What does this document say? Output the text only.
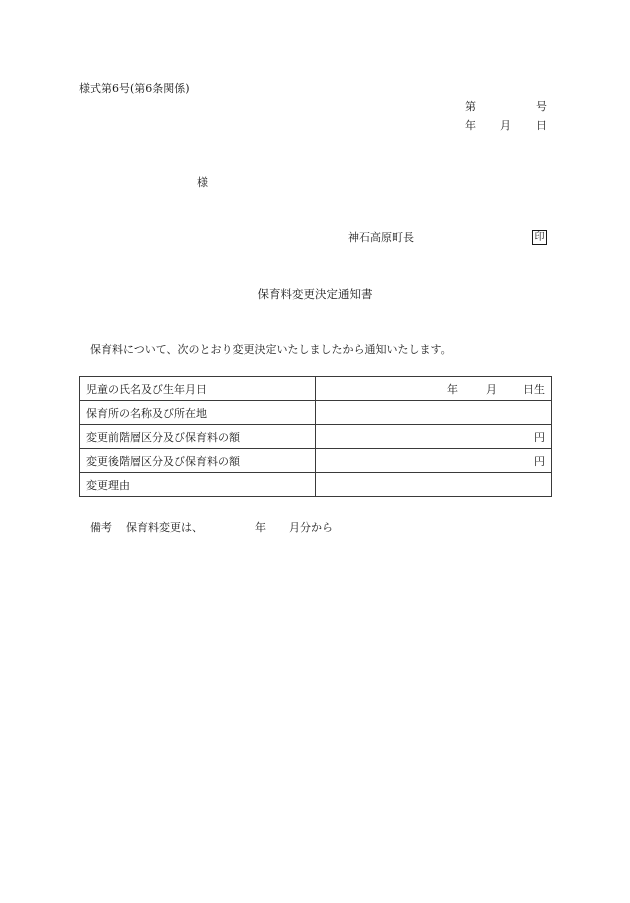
様式第6号(第6条関係)
第	号
年 月 日
様
神石高原町長	印
保育料変更決定通知書
保育料について、次のとおり変更決定いたしましたから通知いたします。
児童の氏名及び生年月日	年 月 日生
保育所の名称及び所在地	
変更前階層区分及び保育料の額	円
変更後階層区分及び保育料の額	円
変更理由	
備考 保育料変更は、	年 月分から
